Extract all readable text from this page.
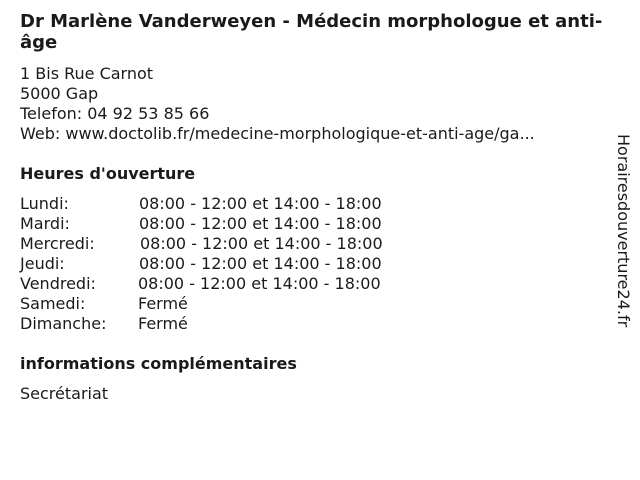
Dr Marlène Vanderweyen - Médecin morphologue et anti-âge
1 Bis Rue Carnot
5000 Gap
Telefon: 04 92 53 85 66
Web: www.doctolib.fr/medecine-morphologique-et-anti-age/ga...
Heures d'ouverture
Lundi:	08:00 - 12:00 et 14:00 - 18:00
Mardi:	08:00 - 12:00 et 14:00 - 18:00
Mercredi:	08:00 - 12:00 et 14:00 - 18:00
Jeudi:	08:00 - 12:00 et 14:00 - 18:00
Vendredi:	08:00 - 12:00 et 14:00 - 18:00
Samedi:	Fermé
Dimanche: Fermé
informations complémentaires
Secrétariat
Horairesdouverture24.fr
